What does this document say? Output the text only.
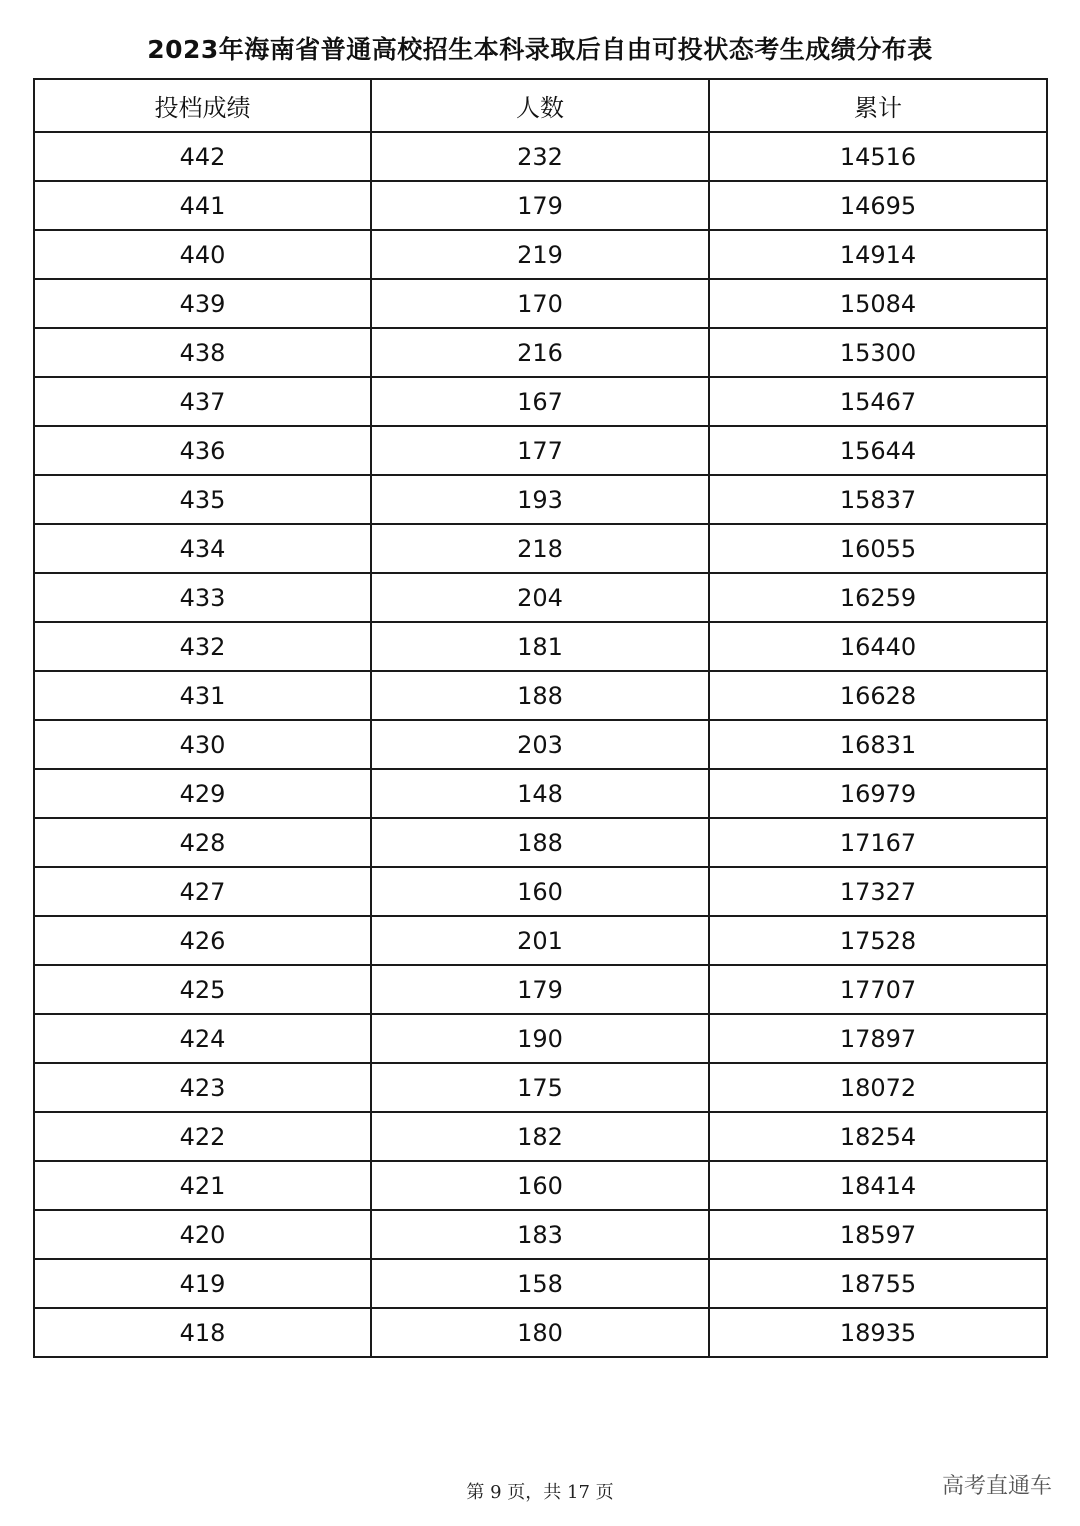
2023年海南省普通高校招生本科录取后自由可投状态考生成绩分布表
投档成绩	人数	累计
442	232	14516
441	179	14695
440	219	14914
439	170	15084
438	216	15300
437	167	15467
436	177	15644
435	193	15837
434	218	16055
433	204	16259
432	181	16440
431	188	16628
430	203	16831
429	148	16979
428	188	17167
427	160	17327
426	201	17528
425	179	17707
424	190	17897
423	175	18072
422	182	18254
421	160	18414
420	183	18597
419	158	18755
418	180	18935
第 9 页，共 17 页	高考直通车
